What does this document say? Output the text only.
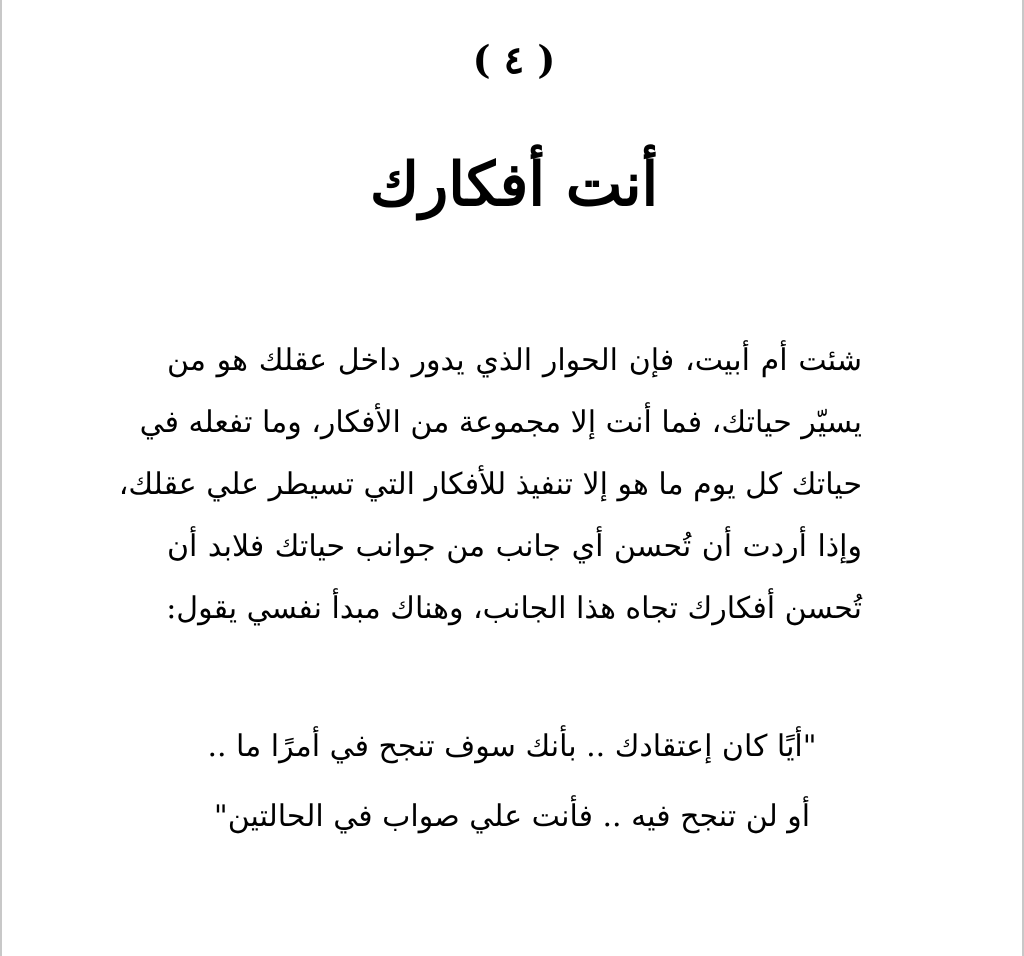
( ٤ )
أنت أفكارك

شئت أم أبيت، فإن الحوار الذي يدور داخل عقلك هو من
يسيّر حياتك، فما أنت إلا مجموعة من الأفكار، وما تفعله في
حياتك كل يوم ما هو إلا تنفيذ للأفكار التي تسيطر علي عقلك،
وإذا أردت أن تُحسن أي جانب من جوانب حياتك فلابد أن
تُحسن أفكارك تجاه هذا الجانب، وهناك مبدأ نفسي يقول:

"أيًا كان إعتقادك .. بأنك سوف تنجح في أمرًا ما ..
أو لن تنجح فيه .. فأنت علي صواب في الحالتين"
